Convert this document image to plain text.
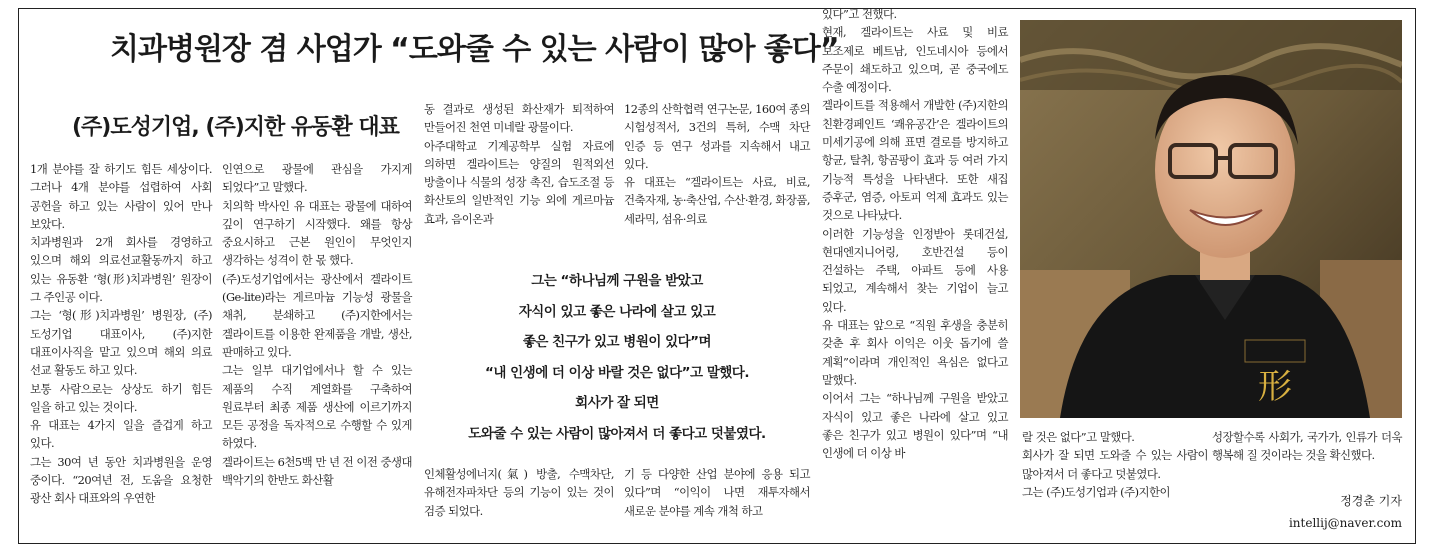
치과병원장 겸 사업가 “도와줄 수 있는 사람이 많아 좋다”
(주)도성기업, (주)지한 유동환 대표

1개 분야를 잘 하기도 힘든 세상이다. 그러나 4개 분야를 섭렵하여 사회 공헌을 하고 있는 사람이 있어 만나 보았다.

치과병원과 2개 회사를 경영하고 있으며 해외 의료선교활동까지 하고 있는 유동환 ‘형(形)치과병원’ 원장이 그 주인공 이다.

그는 ‘형(形)치과병원’ 병원장, (주)도성기업 대표이사, (주)지한 대표이사직을 맡고 있으며 해외 의료 선교 활동도 하고 있다.

보통 사람으로는 상상도 하기 힘든 일을 하고 있는 것이다.

유 대표는 4가지 일을 즐겁게 하고 있다.

그는 30여 년 동안 치과병원을 운영 중이다. “20여년 전, 도움을 요청한 광산 회사 대표와의 우연한

인연으로 광물에 관심을 가지게 되었다”고 말했다.

치의학 박사인 유 대표는 광물에 대하여 깊이 연구하기 시작했다. 왜를 항상 중요시하고 근본 원인이 무엇인지 생각하는 성격이 한 몫 했다.

(주)도성기업에서는 광산에서 겔라이트(Ge-lite)라는 게르마늄 기능성 광물을 채취, 분쇄하고 (주)지한에서는 겔라이트를 이용한 완제품을 개발, 생산, 판매하고 있다.

그는 일부 대기업에서나 할 수 있는 제품의 수직 계열화를 구축하여 원료부터 최종 제품 생산에 이르기까지 모든 공정을 독자적으로 수행할 수 있게 하였다.

겔라이트는 6천5백 만 년 전 이전 중생대 백악기의 한반도 화산활

동 결과로 생성된 화산재가 퇴적하여 만들어진 천연 미네랄 광물이다.

아주대학교 기계공학부 실험 자료에 의하면 겔라이트는 양질의 원적외선 방출이나 식물의 성장 촉진, 습도조절 등 화산토의 일반적인 기능 외에 게르마늄 효과, 음이온과

12종의 산학협력 연구논문, 160여 종의 시험성적서, 3건의 특허, 수맥 차단 인증 등 연구 성과를 지속해서 내고 있다.

유 대표는 “겔라이트는 사료, 비료, 건축자재, 농·축산업, 수산·환경, 화장품, 세라믹, 섬유·의료

그는 “하나님께 구원을 받았고
자식이 있고 좋은 나라에 살고 있고
좋은 친구가 있고 병원이 있다”며
“내 인생에 더 이상 바랄 것은 없다”고 말했다.
회사가 잘 되면
도와줄 수 있는 사람이 많아져서 더 좋다고 덧붙였다.

인체활성에너지(氣) 방출, 수맥차단, 유해전자파차단 등의 기능이 있는 것이 검증 되었다.

기 등 다양한 산업 분야에 응용 되고 있다”며 “이익이 나면 재투자해서 새로운 분야를 계속 개척 하고

있다”고 전했다.

현재, 겔라이트는 사료 및 비료 보조제로 베트남, 인도네시아 등에서 주문이 쇄도하고 있으며, 곧 중국에도 수출 예정이다.

겔라이트를 적용해서 개발한 (주)지한의 친환경페인트 ‘쾌유공간’은 겔라이트의 미세기공에 의해 표면 결로를 방지하고 항균, 탈취, 항곰팡이 효과 등 여러 가지 기능적 특성을 나타낸다. 또한 새집 증후군, 염증, 아토피 억제 효과도 있는 것으로 나타났다.

이러한 기능성을 인정받아 롯데건설, 현대엔지니어링, 호반건설 등이 건설하는 주택, 아파트 등에 사용 되었고, 계속해서 찾는 기업이 늘고 있다.

유 대표는 앞으로 “직원 후생을 충분히 갖춘 후 회사 이익은 이웃 돕기에 쓸 계획”이라며 개인적인 욕심은 없다고 말했다.

이어서 그는 “하나님께 구원을 받았고 자식이 있고 좋은 나라에 살고 있고 좋은 친구가 있고 병원이 있다”며 “내 인생에 더 이상 바

形

랄 것은 없다”고 말했다.

회사가 잘 되면 도와줄 수 있는 사람이 많아져서 더 좋다고 덧붙였다.

그는 (주)도성기업과 (주)지한이

성장할수록 사회가, 국가가, 인류가 더욱 행복해 질 것이라는 것을 확신했다.

정경춘 기자
intellij@naver.com
